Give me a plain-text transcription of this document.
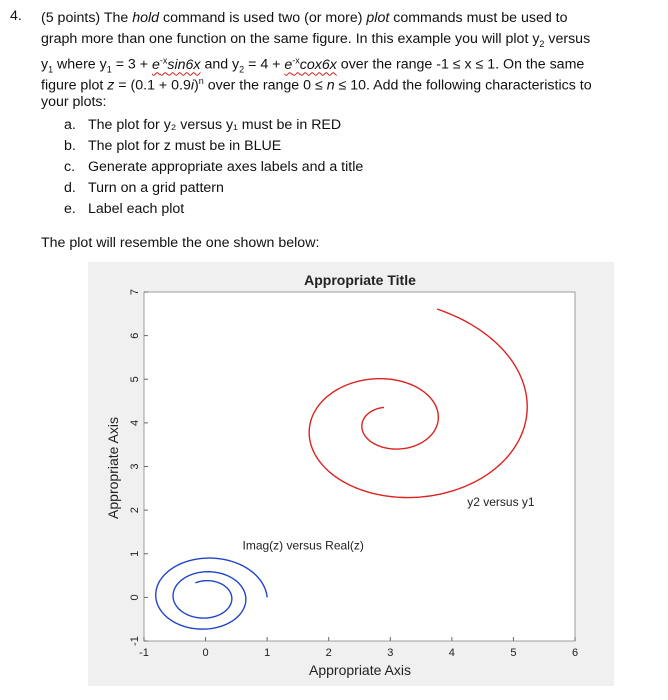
4. (5 points) The hold command is used two (or more) plot commands must be used to
graph more than one function on the same figure. In this example you will plot $y_2$ versus
$y_1$ where $y_1 = 3 + e^{-x}\sin 6x$ and $y_2 = 4 + e^{-x}cox6x$ over the range -1 ≤ x ≤ 1. On the same
figure plot $z = (0.1 + 0.9i)^n$ over the range 0 ≤ n ≤ 10. Add the following characteristics to
your plots:
a. The plot for y₂ versus y₁ must be in RED
b. The plot for z must be in BLUE
c. Generate appropriate axes labels and a title
d. Turn on a grid pattern
e. Label each plot
The plot will resemble the one shown below:
Appropriate Title
Appropriate Axis
Appropriate Axis
-1	0	1	2	3	4	5	6
-1
0
1
2
3
4
5
6
7
y2 versus y1
Imag(z) versus Real(z)
